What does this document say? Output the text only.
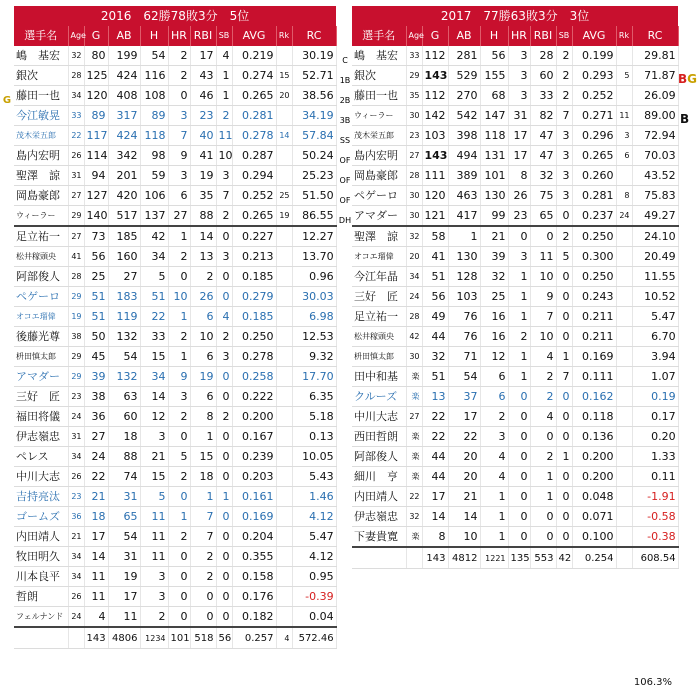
G
C
1B
2B
3B
SS
OF
OF
OF
DH
BG
B
2016　62勝78敗3分　5位										
選手名	Age	G	AB	H	HR	RBI	SB	AVG	Rk	RC
嶋　基宏	32	80	199	54	2	17	4	0.219		30.19
銀次	28	125	424	116	2	43	1	0.274	15	52.71
藤田一也	34	120	408	108	0	46	1	0.265	20	38.56
今江敏晃	33	89	317	89	3	23	2	0.281		34.19
茂木栄五郎	22	117	424	118	7	40	11	0.278	14	57.84
島内宏明	26	114	342	98	9	41	10	0.287		50.24
聖澤　諒	31	94	201	59	3	19	3	0.294		25.23
岡島豪郎	27	127	420	106	6	35	7	0.252	25	51.50
ウィーラー	29	140	517	137	27	88	2	0.265	19	86.55
足立祐一	27	73	185	42	1	14	0	0.227		12.27
松井稼頭央	41	56	160	34	2	13	3	0.213		13.70
阿部俊人	28	25	27	5	0	2	0	0.185		0.96
ペゲーロ	29	51	183	51	10	26	0	0.279		30.03
オコエ瑠偉	19	51	119	22	1	6	4	0.185		6.98
後藤光尊	38	50	132	33	2	10	2	0.250		12.53
枡田慎太郎	29	45	54	15	1	6	3	0.278		9.32
アマダー	29	39	132	34	9	19	0	0.258		17.70
三好　匠	23	38	63	14	3	6	0	0.222		6.35
福田将儀	24	36	60	12	2	8	2	0.200		5.18
伊志嶺忠	31	27	18	3	0	1	0	0.167		0.13
ペレス	34	24	88	21	5	15	0	0.239		10.05
中川大志	26	22	74	15	2	18	0	0.203		5.43
吉持亮汰	23	21	31	5	0	1	1	0.161		1.46
ゴームズ	36	18	65	11	1	7	0	0.169		4.12
内田靖人	21	17	54	11	2	7	0	0.204		5.47
牧田明久	34	14	31	11	0	2	0	0.355		4.12
川本良平	34	11	19	3	0	2	0	0.158		0.95
哲朗	26	11	17	3	0	0	0	0.176		-0.39
フェルナンド	24	4	11	2	0	0	0	0.182		0.04
		143	4806	1234	101	518	56	0.257	4	572.46
2017　77勝63敗3分　3位										
選手名	Age	G	AB	H	HR	RBI	SB	AVG	Rk	RC
嶋　基宏	33	112	281	56	3	28	2	0.199		29.81
銀次	29	143	529	155	3	60	2	0.293	5	71.87
藤田一也	35	112	270	68	3	33	2	0.252		26.09
ウィーラー	30	142	542	147	31	82	7	0.271	11	89.00
茂木栄五郎	23	103	398	118	17	47	3	0.296	3	72.94
島内宏明	27	143	494	131	17	47	3	0.265	6	70.03
岡島豪郎	28	111	389	101	8	32	3	0.260		43.52
ペゲーロ	30	120	463	130	26	75	3	0.281	8	75.83
アマダー	30	121	417	99	23	65	0	0.237	24	49.27
聖澤　諒	32	58	1	21	0	0	2	0.250		24.10
オコエ瑠偉	20	41	130	39	3	11	5	0.300		20.49
今江年晶	34	51	128	32	1	10	0	0.250		11.55
三好　匠	24	56	103	25	1	9	0	0.243		10.52
足立祐一	28	49	76	16	1	7	0	0.211		5.47
松井稼頭央	42	44	76	16	2	10	0	0.211		6.70
枡田慎太郎	30	32	71	12	1	4	1	0.169		3.94
田中和基	楽	51	54	6	1	2	7	0.111		1.07
クルーズ	楽	13	37	6	0	2	0	0.162		0.19
中川大志	27	22	17	2	0	4	0	0.118		0.17
西田哲朗	楽	22	22	3	0	0	0	0.136		0.20
阿部俊人	楽	44	20	4	0	2	1	0.200		1.33
細川　亨	楽	44	20	4	0	1	0	0.200		0.11
内田靖人	22	17	21	1	0	1	0	0.048		-1.91
伊志嶺忠	32	14	14	1	0	0	0	0.071		-0.58
下妻貴寛	楽	8	10	1	0	0	0	0.100		-0.38
		143	4812	1221	135	553	42	0.254		608.54
106.3%
